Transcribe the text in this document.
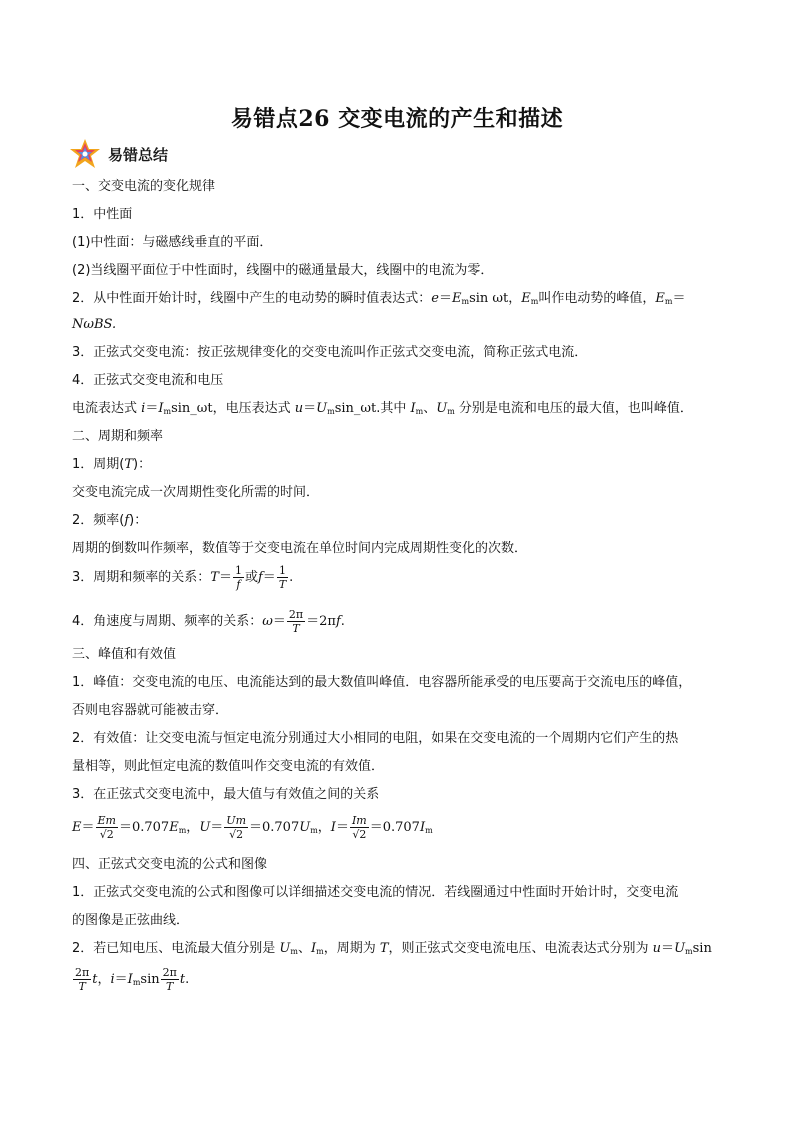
易错点26 交变电流的产生和描述
易错总结
一、交变电流的变化规律
1．中性面
(1)中性面：与磁感线垂直的平面．
(2)当线圈平面位于中性面时，线圈中的磁通量最大，线圈中的电流为零．
2．从中性面开始计时，线圈中产生的电动势的瞬时值表达式：$e=E_m\sin$ ωt，$E_m$叫作电动势的峰值，$E_m=$
NωBS.
3．正弦式交变电流：按正弦规律变化的交变电流叫作正弦式交变电流，简称正弦式电流．
4．正弦式交变电流和电压
电流表达式 $i=I_m\sin\_\omega t$，电压表达式 $u=U_m\sin\_\omega t$.其中 $I_m$、$U_m$ 分别是电流和电压的最大值，也叫峰值．
二、周期和频率
1．周期(T)：
交变电流完成一次周期性变化所需的时间．
2．频率(f)：
周期的倒数叫作频率，数值等于交变电流在单位时间内完成周期性变化的次数．
3．周期和频率的关系：$T= \frac{1}{f}$ 或$f= \frac{1}{T}$ .
4．角速度与周期、频率的关系：$\omega= \frac{2\pi}{T} =2\pi f$.
三、峰值和有效值
1．峰值：交变电流的电压、电流能达到的最大数值叫峰值．电容器所能承受的电压要高于交流电压的峰值，
否则电容器就可能被击穿．
2．有效值：让交变电流与恒定电流分别通过大小相同的电阻，如果在交变电流的一个周期内它们产生的热
量相等，则此恒定电流的数值叫作交变电流的有效值．
3．在正弦式交变电流中，最大值与有效值之间的关系
$E= \frac{Em}{√2} =0.707E_m$，$U= \frac{Um}{√2} =0.707U_m$，$I= \frac{Im}{√2} =0.707I_m$
四、正弦式交变电流的公式和图像
1．正弦式交变电流的公式和图像可以详细描述交变电流的情况．若线圈通过中性面时开始计时，交变电流
的图像是正弦曲线．
2．若已知电压、电流最大值分别是 $U_m$、$I_m$，周期为 T，则正弦式交变电流电压、电流表达式分别为 $u=U_m\sin$
$\frac{2\pi}{T}$ t，$i=I_m\sin \frac{2\pi}{T} t$.
